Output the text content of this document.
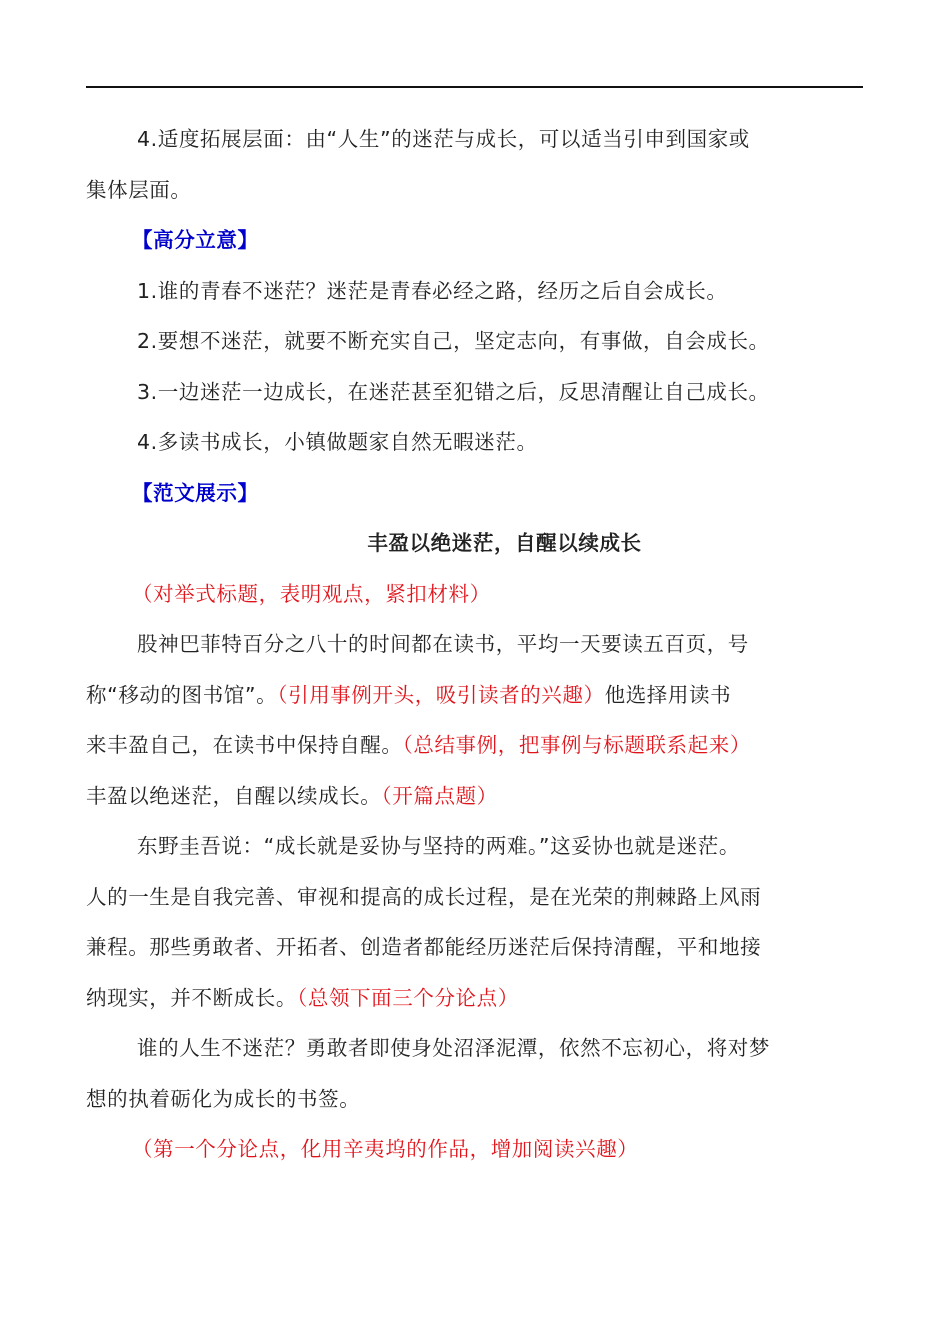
4.适度拓展层面：由“人生”的迷茫与成长，可以适当引申到国家或
集体层面。
【高分立意】
1.谁的青春不迷茫？迷茫是青春必经之路，经历之后自会成长。
2.要想不迷茫，就要不断充实自己，坚定志向，有事做，自会成长。
3.一边迷茫一边成长，在迷茫甚至犯错之后，反思清醒让自己成长。
4.多读书成长，小镇做题家自然无暇迷茫。
【范文展示】
丰盈以绝迷茫，自醒以续成长
（对举式标题，表明观点，紧扣材料）
股神巴菲特百分之八十的时间都在读书，平均一天要读五百页，号
称“移动的图书馆”。（引用事例开头，吸引读者的兴趣）他选择用读书
来丰盈自己，在读书中保持自醒。（总结事例，把事例与标题联系起来）
丰盈以绝迷茫，自醒以续成长。（开篇点题）
东野圭吾说：“成长就是妥协与坚持的两难。”这妥协也就是迷茫。
人的一生是自我完善、审视和提高的成长过程，是在光荣的荆棘路上风雨
兼程。那些勇敢者、开拓者、创造者都能经历迷茫后保持清醒，平和地接
纳现实，并不断成长。（总领下面三个分论点）
谁的人生不迷茫？勇敢者即使身处沼泽泥潭，依然不忘初心，将对梦
想的执着砺化为成长的书签。
（第一个分论点，化用辛夷坞的作品，增加阅读兴趣）
